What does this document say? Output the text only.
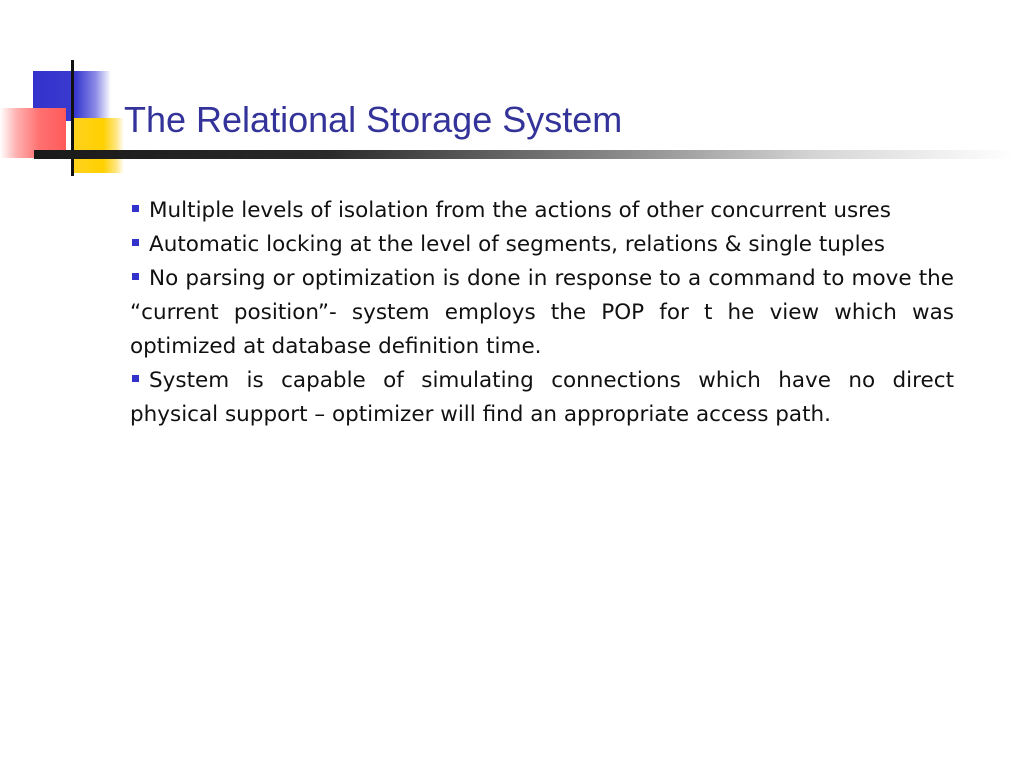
The Relational Storage System
Multiple levels of isolation from the actions of other concurrent usres
Automatic locking at the level of segments, relations & single tuples
No parsing or optimization is done in response to a command to move the “current position”- system employs the POP for t he view which was optimized at database definition time.
System is capable of simulating connections which have no direct physical support – optimizer will find an appropriate access path.
